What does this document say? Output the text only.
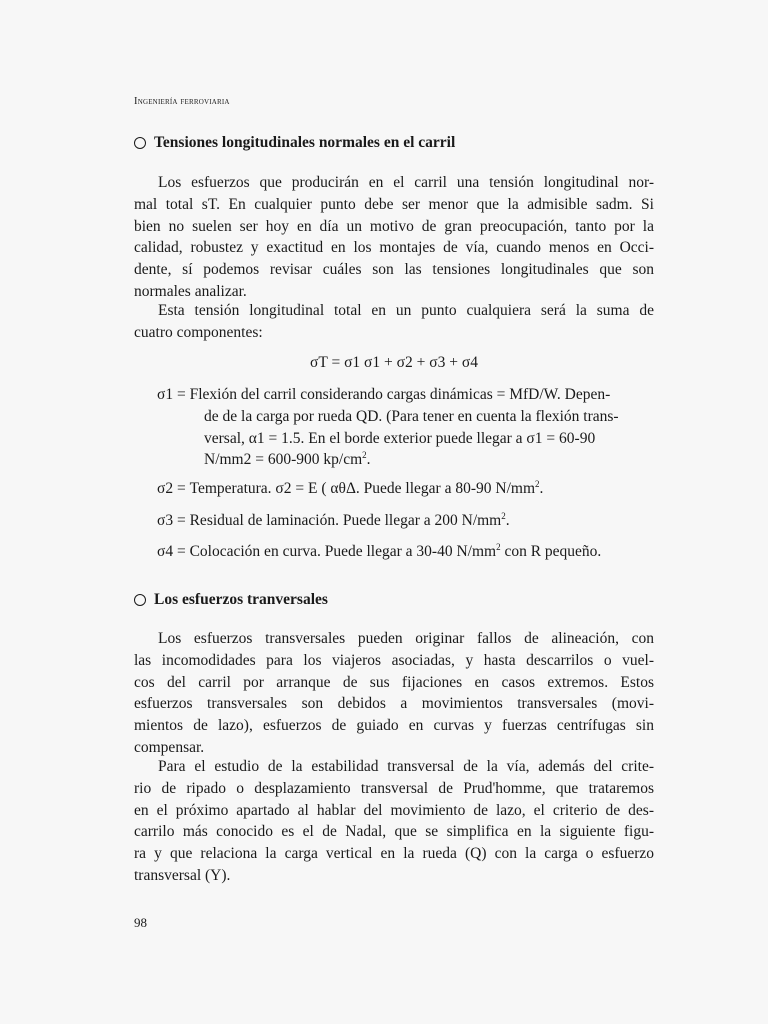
Ingeniería ferroviaria
Tensiones longitudinales normales en el carril
Los esfuerzos que producirán en el carril una tensión longitudinal nor-
mal total sT. En cualquier punto debe ser menor que la admisible sadm. Si
bien no suelen ser hoy en día un motivo de gran preocupación, tanto por la
calidad, robustez y exactitud en los montajes de vía, cuando menos en Occi-
dente, sí podemos revisar cuáles son las tensiones longitudinales que son
normales analizar.
Esta tensión longitudinal total en un punto cualquiera será la suma de
cuatro componentes:
σT = σ1 σ1 + σ2 + σ3 + σ4
σ1 = Flexión del carril considerando cargas dinámicas = MfD/W. Depen-
de de la carga por rueda QD. (Para tener en cuenta la flexión trans-
versal, α1 = 1.5. En el borde exterior puede llegar a σ1 = 60-90
N/mm2 = 600-900 $kp/cm^2$.
σ2 = Temperatura. σ2 = E ( αθΔ. Puede llegar a 80-90 $N/mm^2$.
σ3 = Residual de laminación. Puede llegar a 200 $N/mm^2$.
σ4 = Colocación en curva. Puede llegar a 30-40 $N/mm^2$ con R pequeño.
Los esfuerzos tranversales
Los esfuerzos transversales pueden originar fallos de alineación, con
las incomodidades para los viajeros asociadas, y hasta descarrilos o vuel-
cos del carril por arranque de sus fijaciones en casos extremos. Estos
esfuerzos transversales son debidos a movimientos transversales (movi-
mientos de lazo), esfuerzos de guiado en curvas y fuerzas centrífugas sin
compensar.
Para el estudio de la estabilidad transversal de la vía, además del crite-
rio de ripado o desplazamiento transversal de Prud'homme, que trataremos
en el próximo apartado al hablar del movimiento de lazo, el criterio de des-
carrilo más conocido es el de Nadal, que se simplifica en la siguiente figu-
ra y que relaciona la carga vertical en la rueda (Q) con la carga o esfuerzo
transversal (Y).
98
